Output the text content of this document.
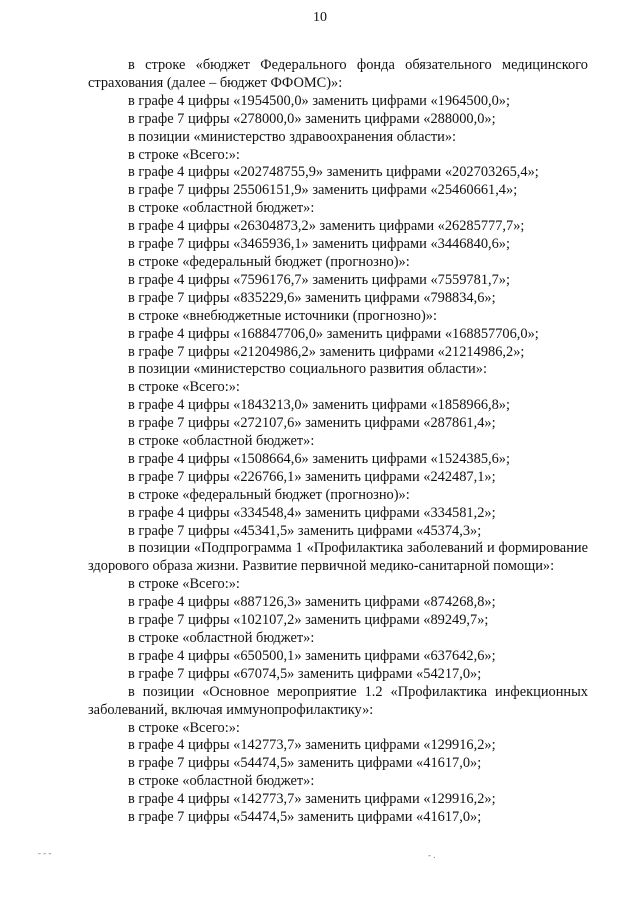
10
в строке «бюджет Федерального фонда обязательного медицинского
страхования (далее – бюджет ФФОМС)»:
в графе 4 цифры «1954500,0» заменить цифрами «1964500,0»;
в графе 7 цифры «278000,0» заменить цифрами «288000,0»;
в позиции «министерство здравоохранения области»:
в строке «Всего:»:
в графе 4 цифры «202748755,9» заменить цифрами «202703265,4»;
в графе 7 цифры 25506151,9» заменить цифрами «25460661,4»;
в строке «областной бюджет»:
в графе 4 цифры «26304873,2» заменить цифрами «26285777,7»;
в графе 7 цифры «3465936,1» заменить цифрами «3446840,6»;
в строке «федеральный бюджет (прогнозно)»:
в графе 4 цифры «7596176,7» заменить цифрами «7559781,7»;
в графе 7 цифры «835229,6» заменить цифрами «798834,6»;
в строке «внебюджетные источники (прогнозно)»:
в графе 4 цифры «168847706,0» заменить цифрами «168857706,0»;
в графе 7 цифры «21204986,2» заменить цифрами «21214986,2»;
в позиции «министерство социального развития области»:
в строке «Всего:»:
в графе 4 цифры «1843213,0» заменить цифрами «1858966,8»;
в графе 7 цифры «272107,6» заменить цифрами «287861,4»;
в строке «областной бюджет»:
в графе 4 цифры «1508664,6» заменить цифрами «1524385,6»;
в графе 7 цифры «226766,1» заменить цифрами «242487,1»;
в строке «федеральный бюджет (прогнозно)»:
в графе 4 цифры «334548,4» заменить цифрами «334581,2»;
в графе 7 цифры «45341,5» заменить цифрами «45374,3»;
в позиции «Подпрограмма 1 «Профилактика заболеваний и формирование
здорового образа жизни. Развитие первичной медико-санитарной помощи»:
в строке «Всего:»:
в графе 4 цифры «887126,3» заменить цифрами «874268,8»;
в графе 7 цифры «102107,2» заменить цифрами «89249,7»;
в строке «областной бюджет»:
в графе 4 цифры «650500,1» заменить цифрами «637642,6»;
в графе 7 цифры «67074,5» заменить цифрами «54217,0»;
в позиции «Основное мероприятие 1.2 «Профилактика инфекционных
заболеваний, включая иммунопрофилактику»:
в строке «Всего:»:
в графе 4 цифры «142773,7» заменить цифрами «129916,2»;
в графе 7 цифры «54474,5» заменить цифрами «41617,0»;
в строке «областной бюджет»:
в графе 4 цифры «142773,7» заменить цифрами «129916,2»;
в графе 7 цифры «54474,5» заменить цифрами «41617,0»;
- - -	- .
